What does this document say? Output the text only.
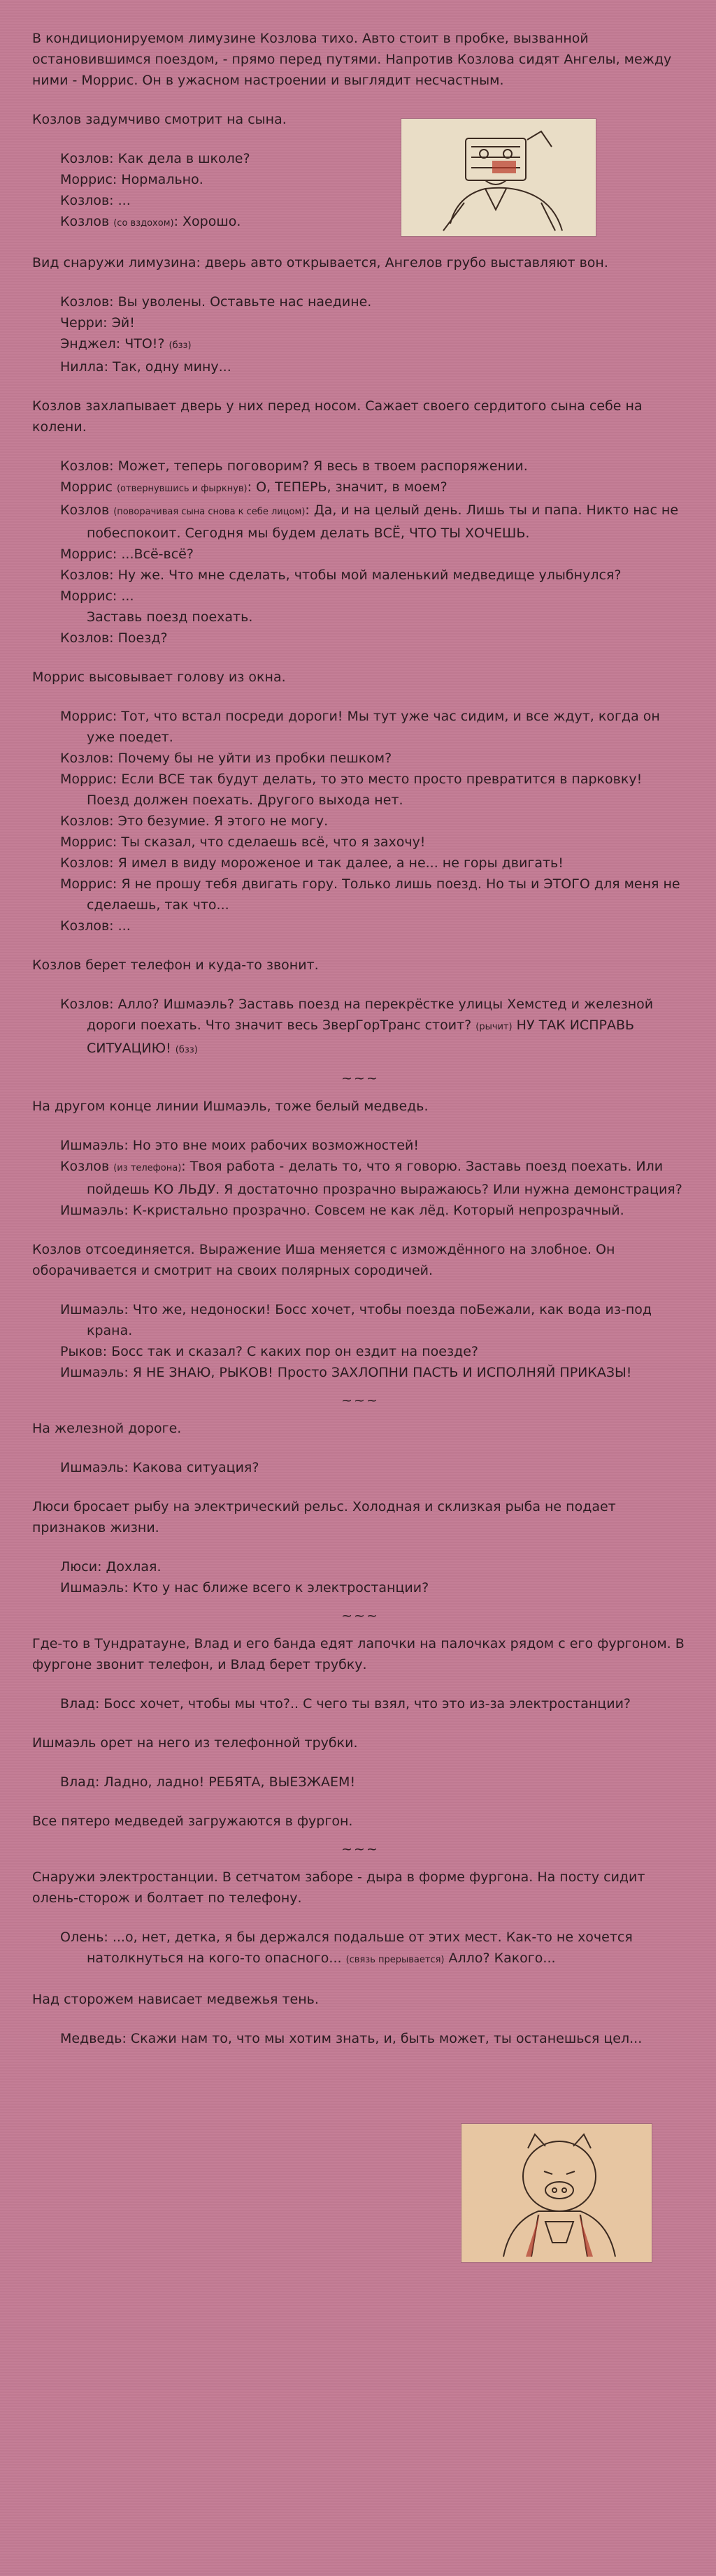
В кондиционируемом лимузине Козлова тихо. Авто стоит в пробке, вызванной остановившимся поездом, - прямо перед путями. Напротив Козлова сидят Ангелы, между ними - Моррис. Он в ужасном настроении и выглядит несчастным.

Козлов задумчиво смотрит на сына.

Козлов: Как дела в школе?

Моррис: Нормально.

Козлов: ...

Козлов (со вздохом): Хорошо.

Вид снаружи лимузина: дверь авто открывается, Ангелов грубо выставляют вон.

Козлов: Вы уволены. Оставьте нас наедине.

Черри: Эй!

Энджел: ЧТО!? (бзз)

Нилла: Так, одну мину...

Козлов захлапывает дверь у них перед носом. Сажает своего сердитого сына себе на колени.

Козлов: Может, теперь поговорим? Я весь в твоем распоряжении.

Моррис (отвернувшись и фыркнув): О, ТЕПЕРЬ, значит, в моем?

Козлов (поворачивая сына снова к себе лицом): Да, и на целый день. Лишь ты и папа. Никто нас не побеспокоит. Сегодня мы будем делать ВСЁ, ЧТО ТЫ ХОЧЕШЬ.

Моррис: ...Всё-всё?

Козлов: Ну же. Что мне сделать, чтобы мой маленький медведище улыбнулся?

Моррис: ...

Заставь поезд поехать.

Козлов: Поезд?

Моррис высовывает голову из окна.

Моррис: Тот, что встал посреди дороги! Мы тут уже час сидим, и все ждут, когда он уже поедет.

Козлов: Почему бы не уйти из пробки пешком?

Моррис: Если ВСЕ так будут делать, то это место просто превратится в парковку! Поезд должен поехать. Другого выхода нет.

Козлов: Это безумие. Я этого не могу.

Моррис: Ты сказал, что сделаешь всё, что я захочу!

Козлов: Я имел в виду мороженое и так далее, а не... не горы двигать!

Моррис: Я не прошу тебя двигать гору. Только лишь поезд. Но ты и ЭТОГО для меня не сделаешь, так что...

Козлов: ...

Козлов берет телефон и куда-то звонит.

Козлов: Алло? Ишмаэль? Заставь поезд на перекрёстке улицы Хемстед и железной дороги поехать. Что значит весь ЗверГорТранс стоит? (рычит) НУ ТАК ИСПРАВЬ СИТУАЦИЮ! (бзз)

~~~

На другом конце линии Ишмаэль, тоже белый медведь.

Ишмаэль: Но это вне моих рабочих возможностей!

Козлов (из телефона): Твоя работа - делать то, что я говорю. Заставь поезд поехать. Или пойдешь КО ЛЬДУ. Я достаточно прозрачно выражаюсь? Или нужна демонстрация?

Ишмаэль: К-кристально прозрачно. Совсем не как лёд. Который непрозрачный.

Козлов отсоединяется. Выражение Иша меняется с измождённого на злобное. Он оборачивается и смотрит на своих полярных сородичей.

Ишмаэль: Что же, недоноски! Босс хочет, чтобы поезда поБежали, как вода из-под крана.

Рыков: Босс так и сказал? С каких пор он ездит на поезде?

Ишмаэль: Я НЕ ЗНАЮ, РЫКОВ! Просто ЗАХЛОПНИ ПАСТЬ И ИСПОЛНЯЙ ПРИКАЗЫ!

~~~

На железной дороге.

Ишмаэль: Какова ситуация?

Люси бросает рыбу на электрический рельс. Холодная и склизкая рыба не подает признаков жизни.

Люси: Дохлая.

Ишмаэль: Кто у нас ближе всего к электростанции?

~~~

Где-то в Тундратауне, Влад и его банда едят лапочки на палочках рядом с его фургоном. В фургоне звонит телефон, и Влад берет трубку.

Влад: Босс хочет, чтобы мы что?.. С чего ты взял, что это из-за электростанции?

Ишмаэль орет на него из телефонной трубки.

Влад: Ладно, ладно! РЕБЯТА, ВЫЕЗЖАЕМ!

Все пятеро медведей загружаются в фургон.

~~~

Снаружи электростанции. В сетчатом заборе - дыра в форме фургона. На посту сидит олень-сторож и болтает по телефону.

Олень: ...о, нет, детка, я бы держался подальше от этих мест. Как-то не хочется натолкнуться на кого-то опасного... (связь прерывается) Алло? Какого...

Над сторожем нависает медвежья тень.

Медведь: Скажи нам то, что мы хотим знать, и, быть может, ты останешься цел...
